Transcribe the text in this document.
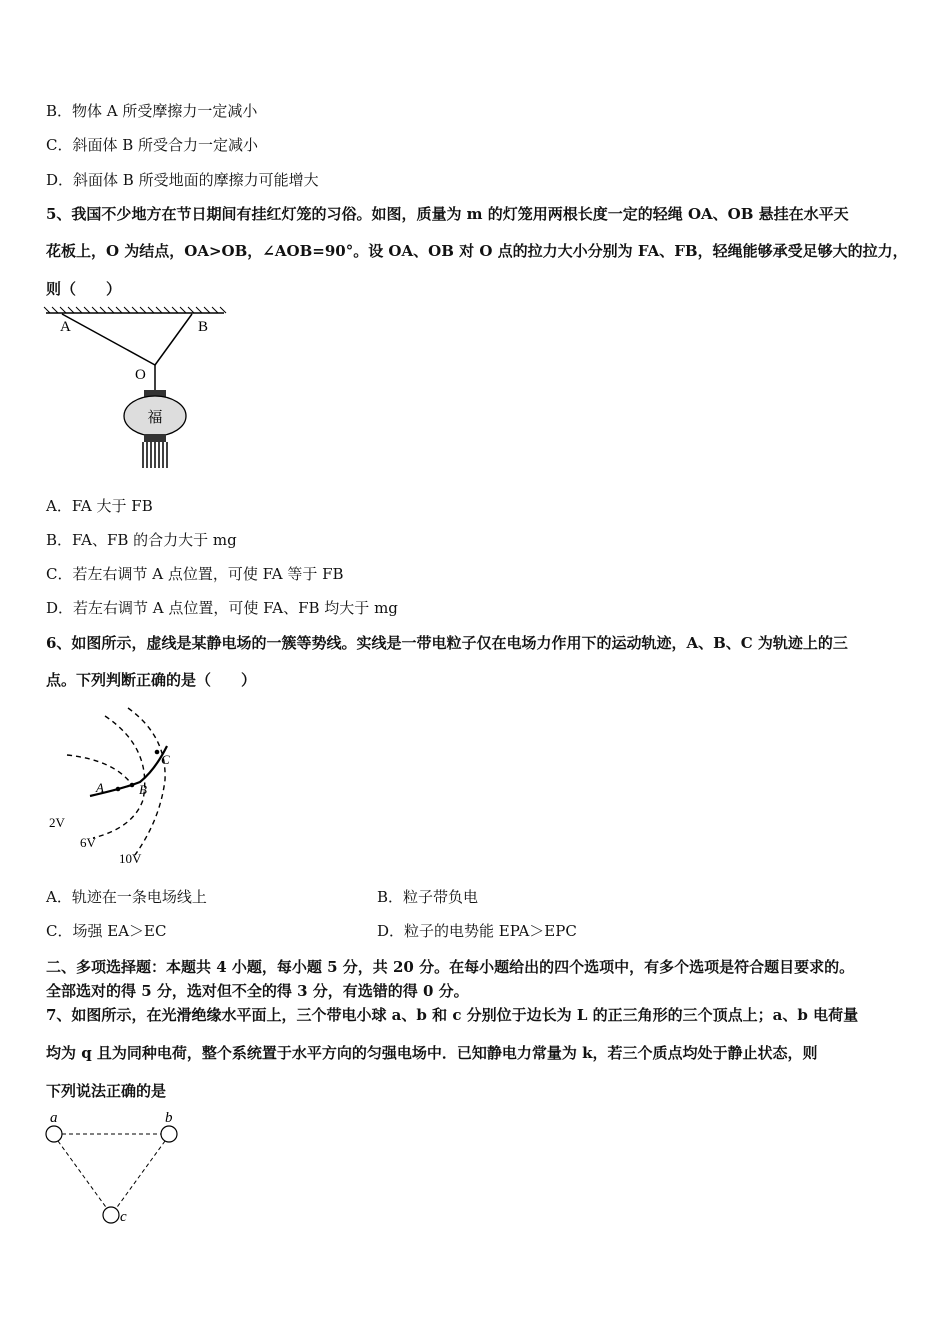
B．物体 A 所受摩擦力一定减小
C．斜面体 B 所受合力一定减小
D．斜面体 B 所受地面的摩擦力可能增大
5、我国不少地方在节日期间有挂红灯笼的习俗。如图，质量为 m 的灯笼用两根长度一定的轻绳 OA、OB 悬挂在水平天
花板上，O 为结点，OA>OB，∠AOB=90°。设 OA、OB 对 O 点的拉力大小分别为 FA、FB，轻绳能够承受足够大的拉力，
则（　　）
A	B
O
福
A．FA 大于 FB
B．FA、FB 的合力大于 mg
C．若左右调节 A 点位置，可使 FA 等于 FB
D．若左右调节 A 点位置，可使 FA、FB 均大于 mg
6、如图所示，虚线是某静电场的一簇等势线。实线是一带电粒子仅在电场力作用下的运动轨迹，A、B、C 为轨迹上的三
点。下列判断正确的是（　　）
A	B
C
2V
6V
10V
A．轨迹在一条电场线上	B．粒子带负电
C．场强 EA＞EC	D．粒子的电势能 EPA＞EPC
二、多项选择题：本题共 4 小题，每小题 5 分，共 20 分。在每小题给出的四个选项中，有多个选项是符合题目要求的。
全部选对的得 5 分，选对但不全的得 3 分，有选错的得 0 分。
7、如图所示，在光滑绝缘水平面上，三个带电小球 a、b 和 c 分别位于边长为 L 的正三角形的三个顶点上；a、b 电荷量
均为 q 且为同种电荷，整个系统置于水平方向的匀强电场中．已知静电力常量为 k，若三个质点均处于静止状态，则
下列说法正确的是
a	b
c
